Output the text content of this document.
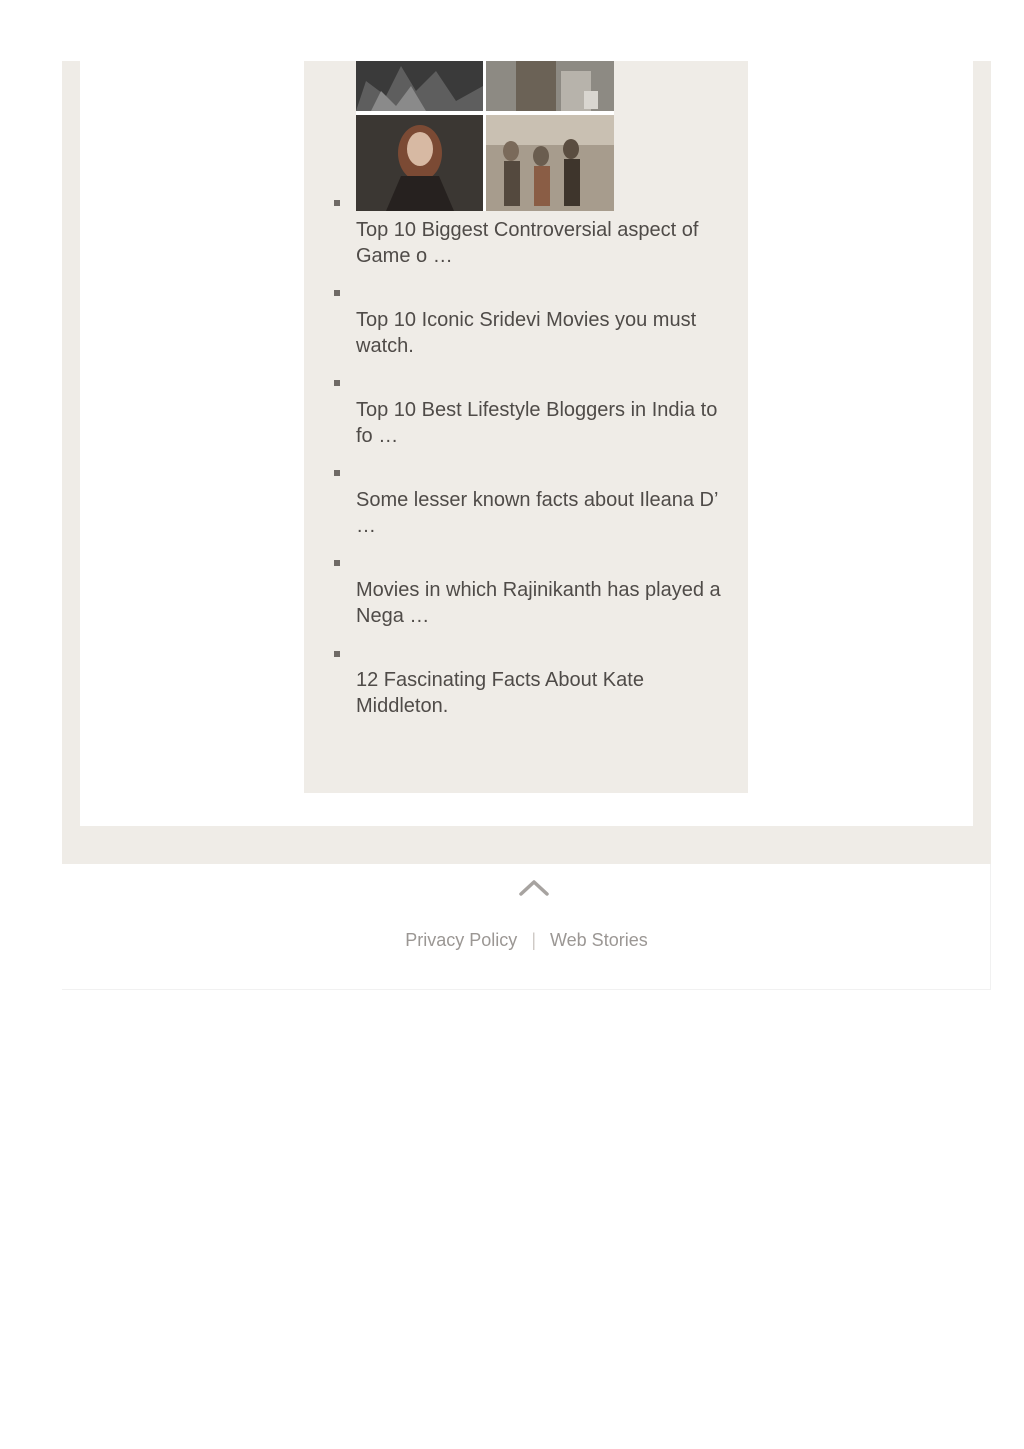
Top 10 Biggest Controversial aspect of Game o …
Top 10 Iconic Sridevi Movies you must watch.
Top 10 Best Lifestyle Bloggers in India to fo …
Some lesser known facts about Ileana D’ …
Movies in which Rajinikanth has played a Nega …
12 Fascinating Facts About Kate Middleton.
Privacy Policy | Web Stories
